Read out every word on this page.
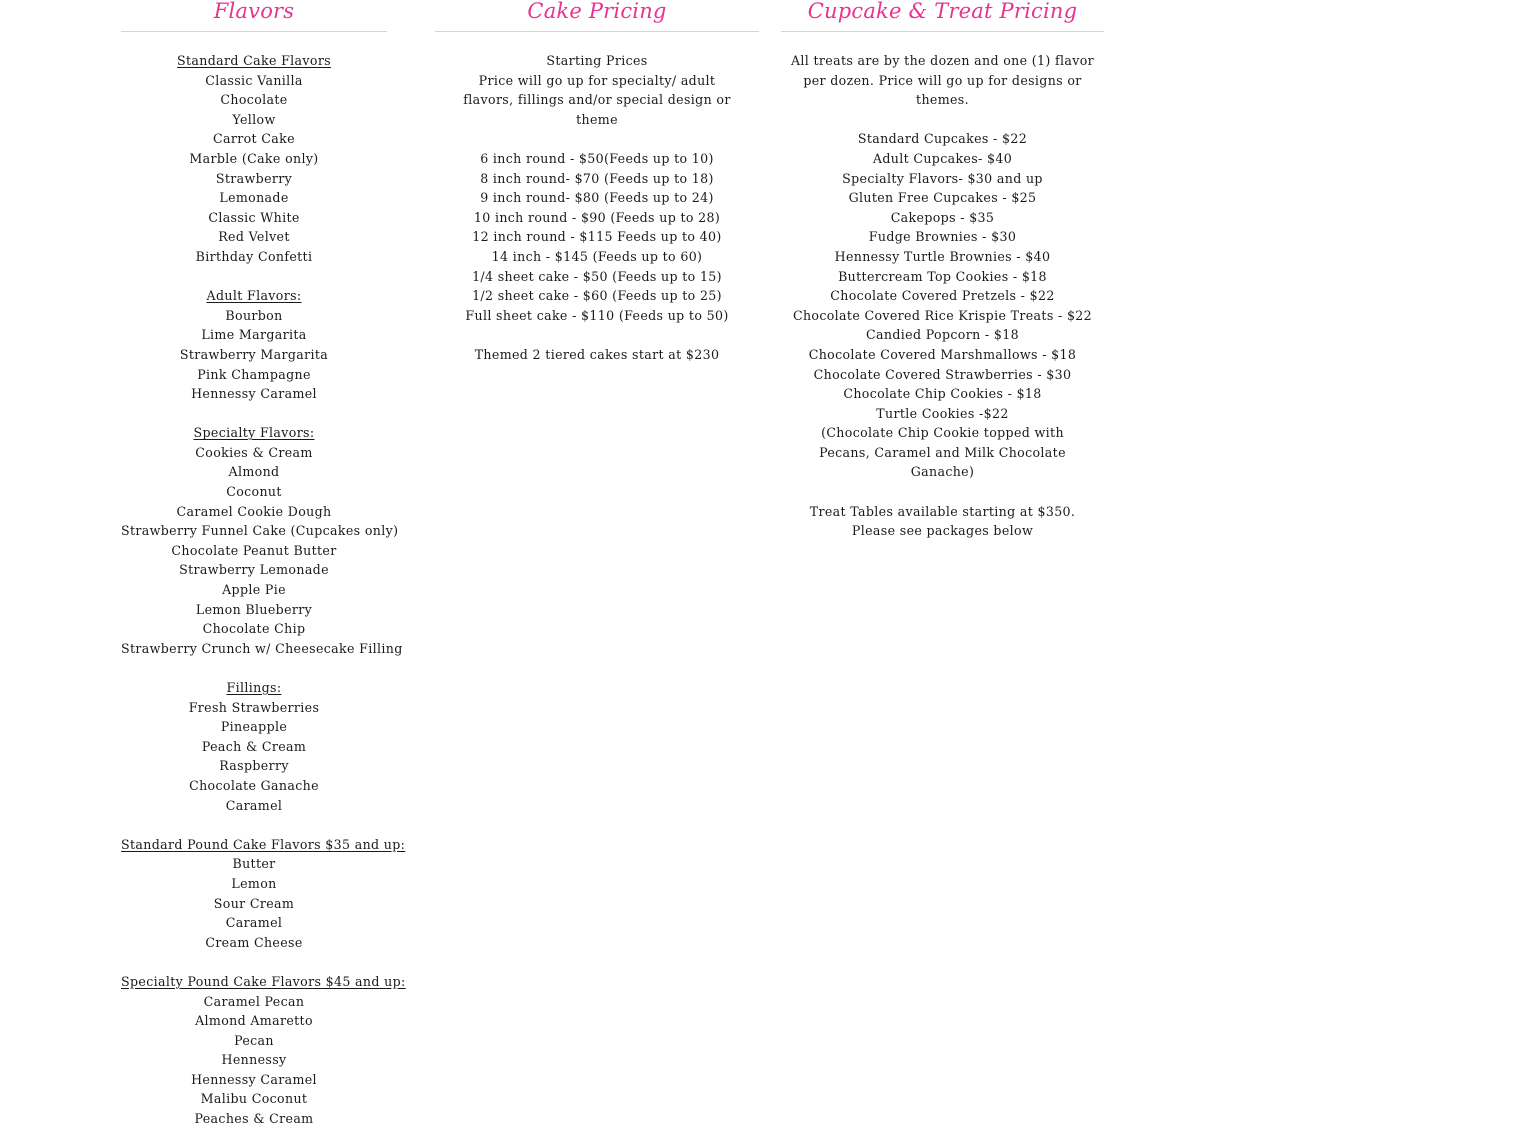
Flavors
Standard Cake Flavors
Classic Vanilla
Chocolate
Yellow
Carrot Cake
Marble (Cake only)
Strawberry
Lemonade
Classic White
Red Velvet
Birthday Confetti
Adult Flavors:
Bourbon
Lime Margarita
Strawberry Margarita
Pink Champagne
Hennessy Caramel
Specialty Flavors:
Cookies & Cream
Almond
Coconut
Caramel Cookie Dough
Strawberry Funnel Cake (Cupcakes only)
Chocolate Peanut Butter
Strawberry Lemonade
Apple Pie
Lemon Blueberry
Chocolate Chip
Strawberry Crunch w/ Cheesecake Filling
Fillings:
Fresh Strawberries
Pineapple
Peach & Cream
Raspberry
Chocolate Ganache
Caramel
Standard Pound Cake Flavors $35 and up:
Butter
Lemon
Sour Cream
Caramel
Cream Cheese
Specialty Pound Cake Flavors $45 and up:
Caramel Pecan
Almond Amaretto
Pecan
Hennessy
Hennessy Caramel
Malibu Coconut
Peaches & Cream
Cake Pricing
Starting Prices
Price will go up for specialty/ adult flavors, fillings and/or special design or theme
6 inch round - $50(Feeds up to 10)
8 inch round- $70 (Feeds up to 18)
9 inch round- $80 (Feeds up to 24)
10 inch round - $90 (Feeds up to 28)
12 inch round - $115 Feeds up to 40)
14 inch - $145 (Feeds up to 60)
1/4 sheet cake - $50 (Feeds up to 15)
1/2 sheet cake - $60 (Feeds up to 25)
Full sheet cake - $110 (Feeds up to 50)
Themed 2 tiered cakes start at $230
Cupcake & Treat Pricing
All treats are by the dozen and one (1) flavor per dozen. Price will go up for designs or themes.
Standard Cupcakes - $22
Adult Cupcakes- $40
Specialty Flavors- $30 and up
Gluten Free Cupcakes - $25
Cakepops - $35
Fudge Brownies - $30
Hennessy Turtle Brownies - $40
Buttercream Top Cookies - $18
Chocolate Covered Pretzels - $22
Chocolate Covered Rice Krispie Treats - $22
Candied Popcorn - $18
Chocolate Covered Marshmallows - $18
Chocolate Covered Strawberries - $30
Chocolate Chip Cookies - $18
Turtle Cookies -$22
(Chocolate Chip Cookie topped with Pecans, Caramel and Milk Chocolate Ganache)
Treat Tables available starting at $350.
Please see packages below
